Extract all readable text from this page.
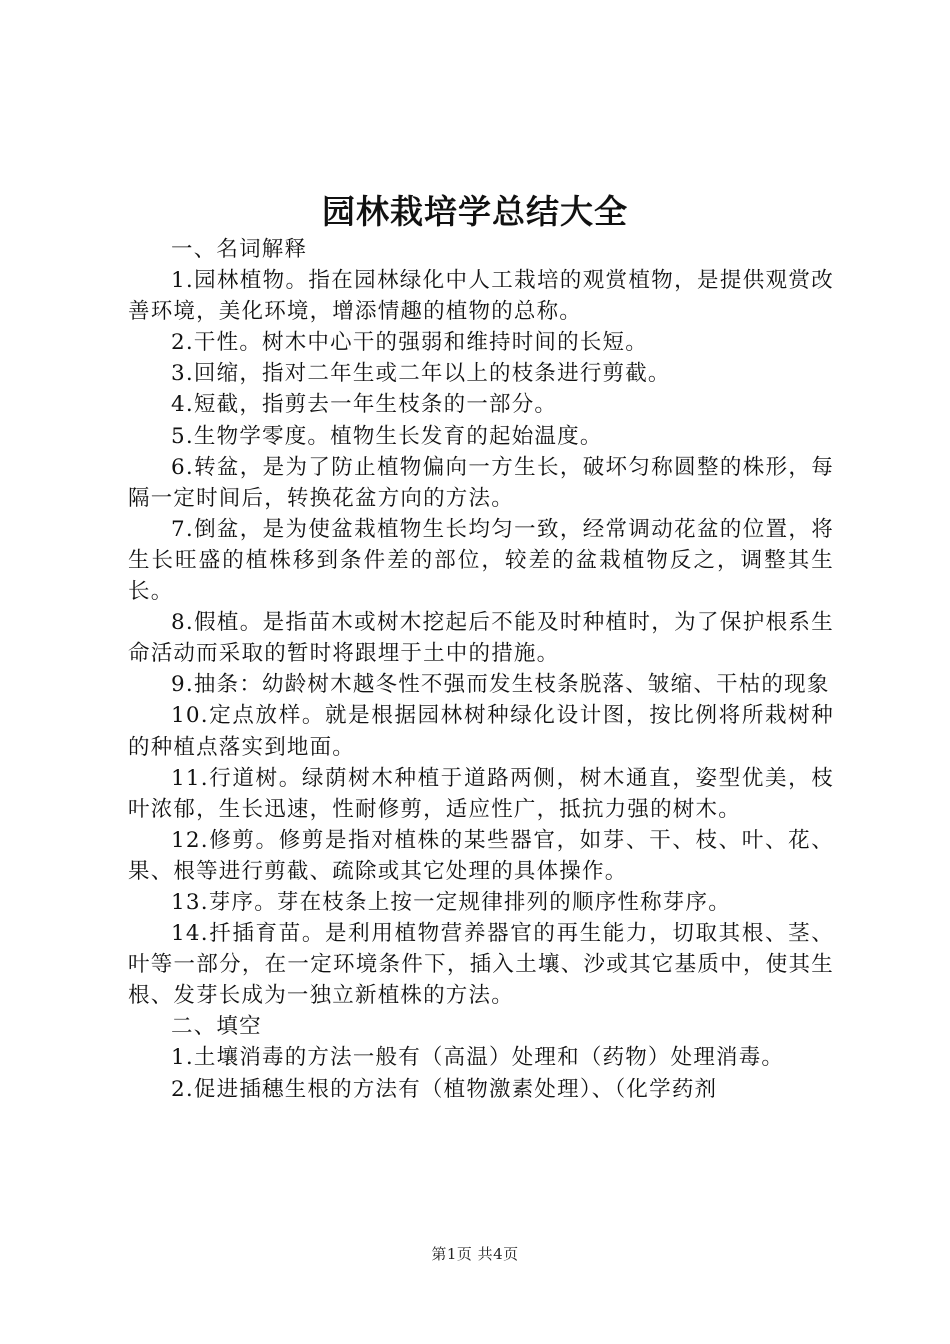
园林栽培学总结大全

一、名词解释

1.园林植物。指在园林绿化中人工栽培的观赏植物，是提供观赏改善环境，美化环境，增添情趣的植物的总称。

2.干性。树木中心干的强弱和维持时间的长短。

3.回缩，指对二年生或二年以上的枝条进行剪截。

4.短截，指剪去一年生枝条的一部分。

5.生物学零度。植物生长发育的起始温度。

6.转盆，是为了防止植物偏向一方生长，破坏匀称圆整的株形，每隔一定时间后，转换花盆方向的方法。

7.倒盆，是为使盆栽植物生长均匀一致，经常调动花盆的位置，将生长旺盛的植株移到条件差的部位，较差的盆栽植物反之，调整其生长。

8.假植。是指苗木或树木挖起后不能及时种植时，为了保护根系生命活动而采取的暂时将跟埋于土中的措施。

9.抽条：幼龄树木越冬性不强而发生枝条脱落、皱缩、干枯的现象

10.定点放样。就是根据园林树种绿化设计图，按比例将所栽树种的种植点落实到地面。

11.行道树。绿荫树木种植于道路两侧，树木通直，姿型优美，枝叶浓郁，生长迅速，性耐修剪，适应性广，抵抗力强的树木。

12.修剪。修剪是指对植株的某些器官，如芽、干、枝、叶、花、果、根等进行剪截、疏除或其它处理的具体操作。

13.芽序。芽在枝条上按一定规律排列的顺序性称芽序。

14.扦插育苗。是利用植物营养器官的再生能力，切取其根、茎、叶等一部分，在一定环境条件下，插入土壤、沙或其它基质中，使其生根、发芽长成为一独立新植株的方法。

二、填空

1.土壤消毒的方法一般有（高温）处理和（药物）处理消毒。

2.促进插穗生根的方法有（植物激素处理）、（化学药剂

第1页 共4页
